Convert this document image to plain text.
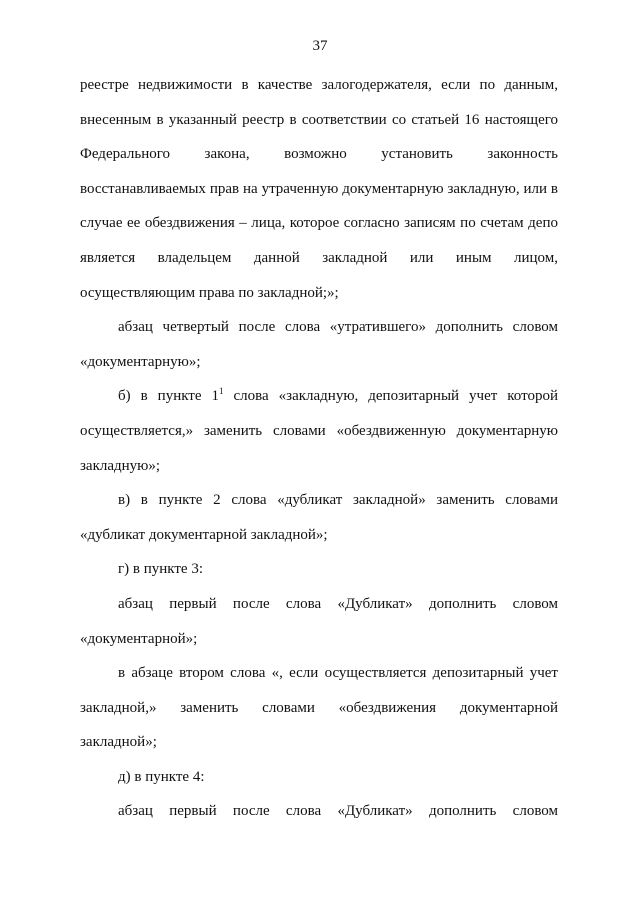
37

реестре недвижимости в качестве залогодержателя, если по данным, внесенным в указанный реестр в соответствии со статьей 16 настоящего Федерального закона, возможно установить законность восстанавливаемых прав на утраченную документарную закладную, или в случае ее обездвижения – лица, которое согласно записям по счетам депо является владельцем данной закладной или иным лицом,

осуществляющим права по закладной;»;

абзац четвертый после слова «утратившего» дополнить словом

«документарную»;

б) в пункте $1^1$ слова «закладную, депозитарный учет которой осуществляется,» заменить словами «обездвиженную документарную

закладную»;

в) в пункте 2 слова «дубликат закладной» заменить словами

«дубликат документарной закладной»;

г) в пункте 3:

абзац первый после слова «Дубликат» дополнить словом

«документарной»;

в абзаце втором слова «, если осуществляется депозитарный учет

закладной,» заменить словами «обездвижения документарной закладной»;

д) в пункте 4:

абзац первый после слова «Дубликат» дополнить словом
